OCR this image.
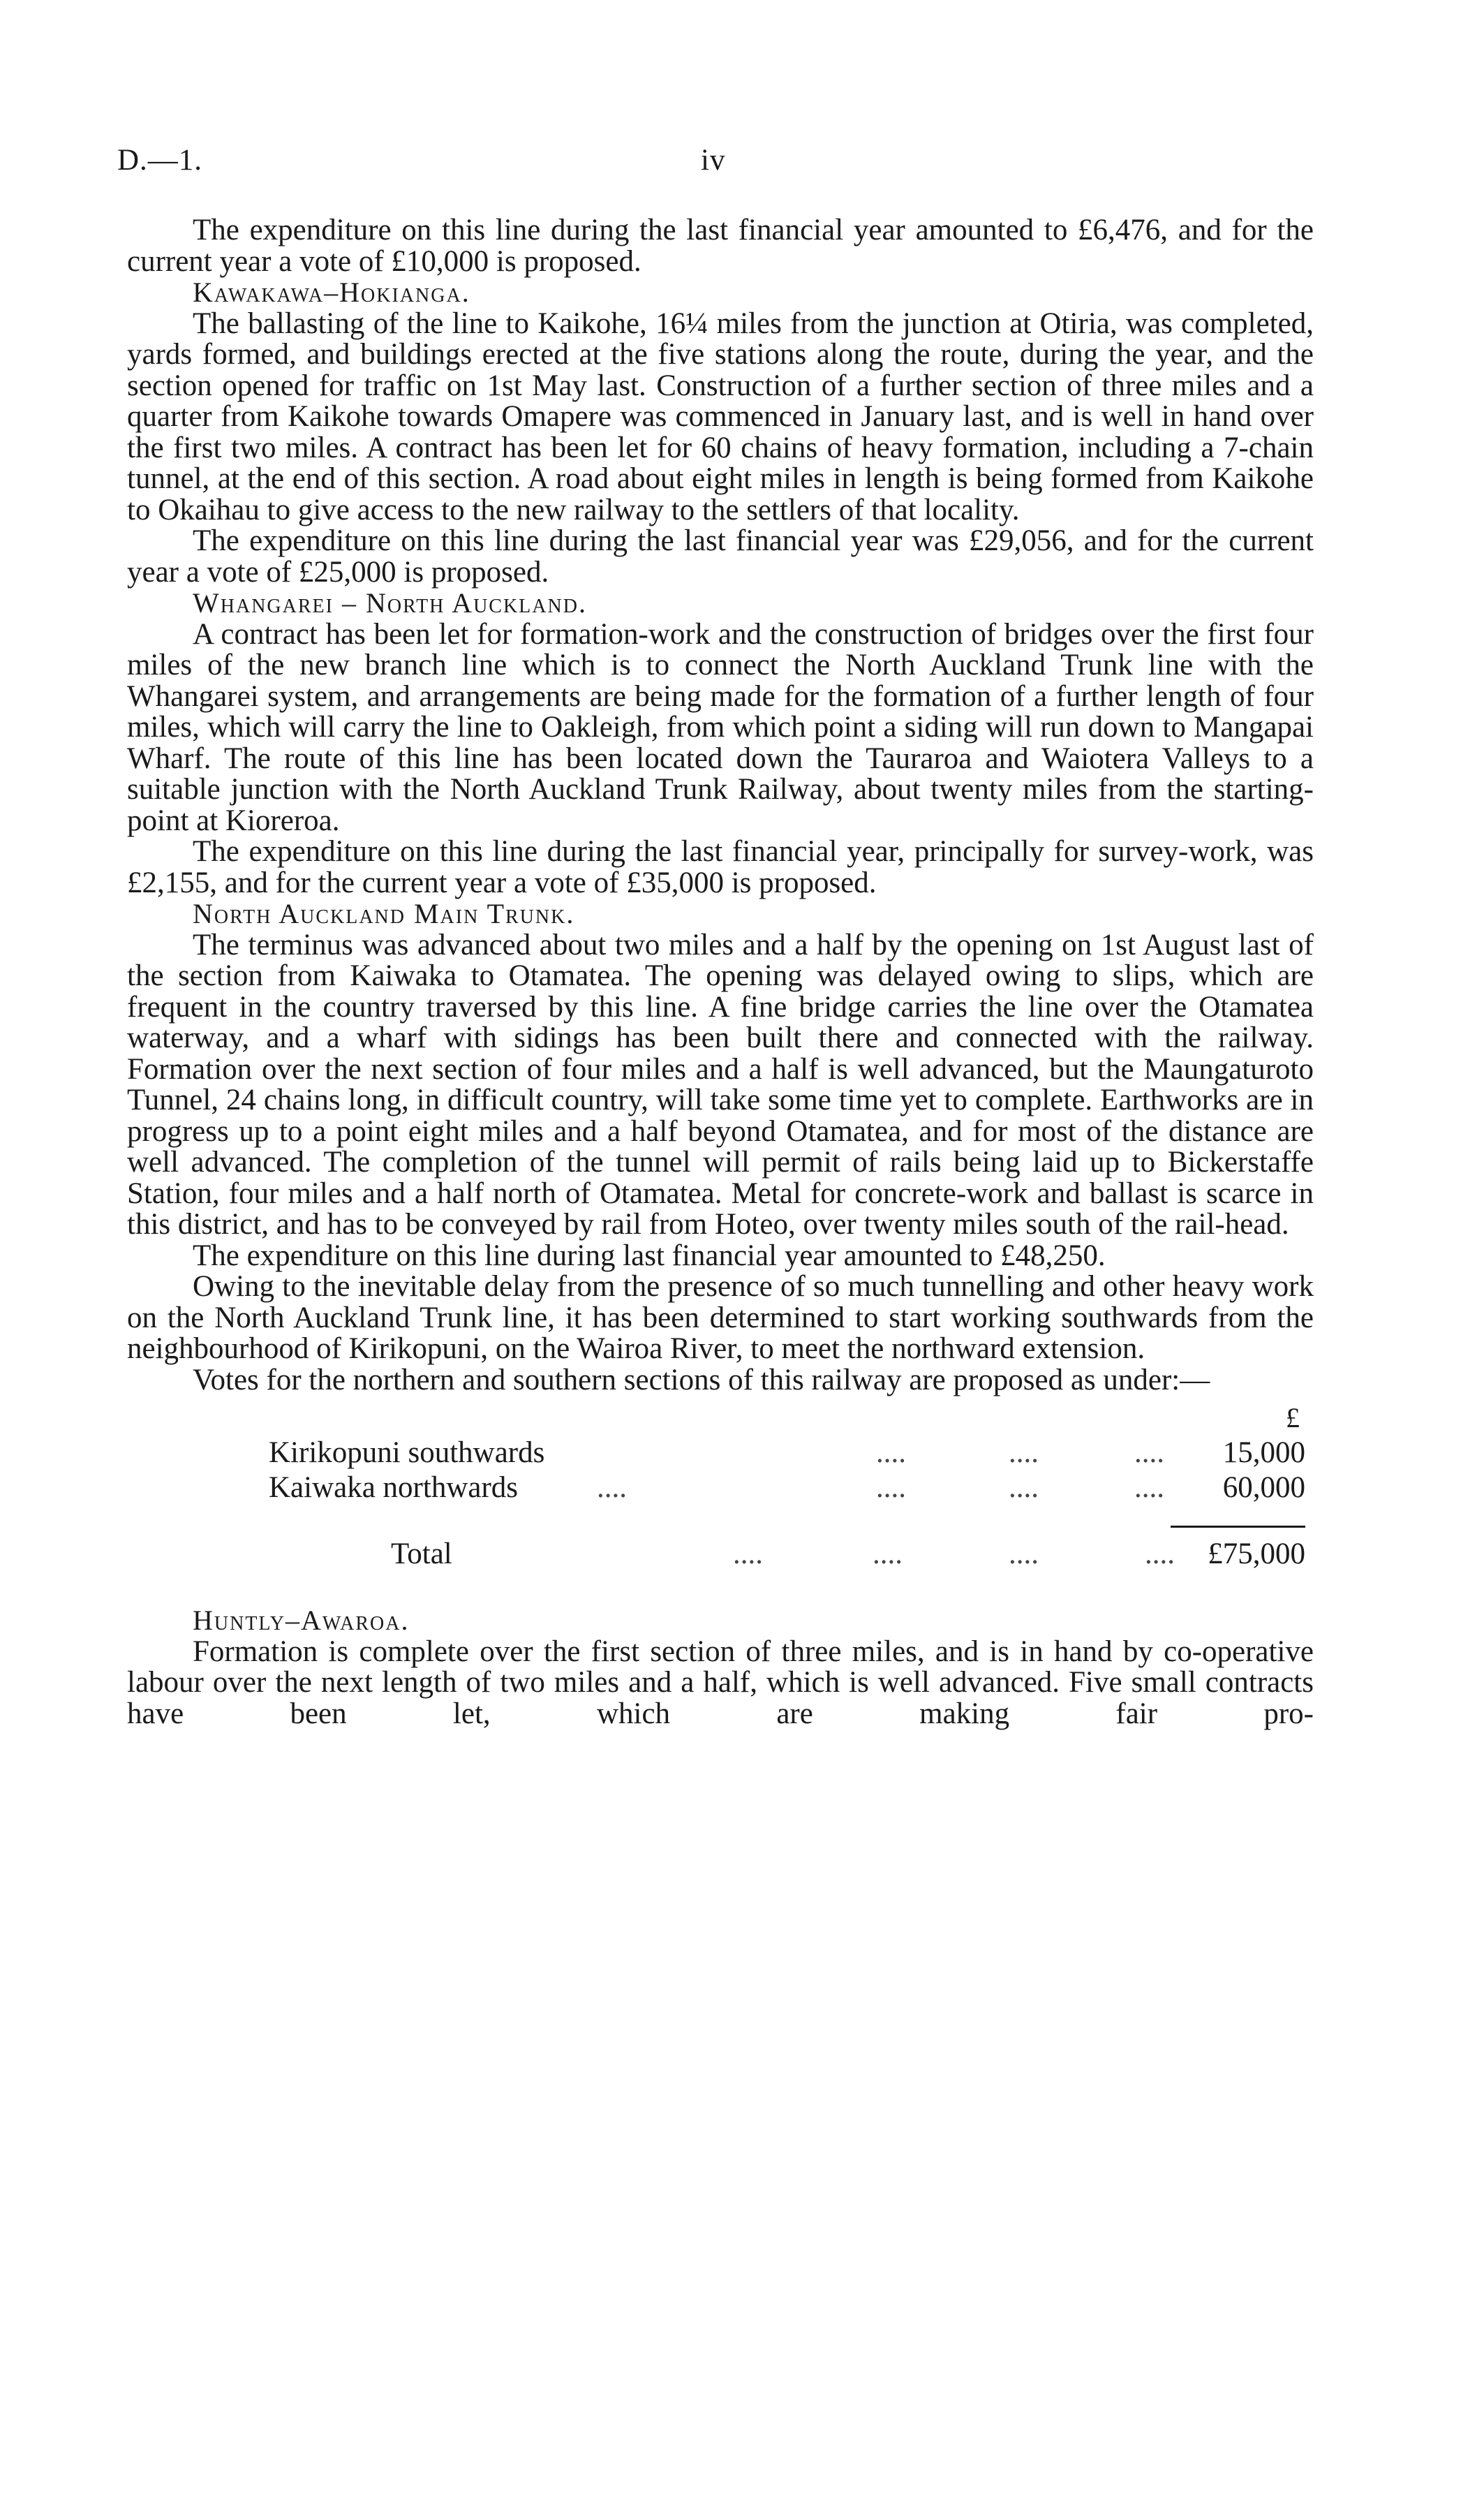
D.—1.	iv

The expenditure on this line during the last financial year amounted to £6,476, and for the current year a vote of £10,000 is proposed.

Kawakawa–Hokianga.

The ballasting of the line to Kaikohe, 16¼ miles from the junction at Otiria, was completed, yards formed, and buildings erected at the five stations along the route, during the year, and the section opened for traffic on 1st May last. Construction of a further section of three miles and a quarter from Kaikohe towards Omapere was commenced in January last, and is well in hand over the first two miles. A contract has been let for 60 chains of heavy formation, including a 7-chain tunnel, at the end of this section. A road about eight miles in length is being formed from Kaikohe to Okaihau to give access to the new railway to the settlers of that locality.

The expenditure on this line during the last financial year was £29,056, and for the current year a vote of £25,000 is proposed.

Whangarei – North Auckland.

A contract has been let for formation-work and the construction of bridges over the first four miles of the new branch line which is to connect the North Auckland Trunk line with the Whangarei system, and arrangements are being made for the formation of a further length of four miles, which will carry the line to Oakleigh, from which point a siding will run down to Mangapai Wharf. The route of this line has been located down the Tauraroa and Waiotera Valleys to a suitable junction with the North Auckland Trunk Railway, about twenty miles from the starting-point at Kioreroa.

The expenditure on this line during the last financial year, principally for survey-work, was £2,155, and for the current year a vote of £35,000 is proposed.

North Auckland Main Trunk.

The terminus was advanced about two miles and a half by the opening on 1st August last of the section from Kaiwaka to Otamatea. The opening was delayed owing to slips, which are frequent in the country traversed by this line. A fine bridge carries the line over the Otamatea waterway, and a wharf with sidings has been built there and connected with the railway. Formation over the next section of four miles and a half is well advanced, but the Maungaturoto Tunnel, 24 chains long, in difficult country, will take some time yet to complete. Earthworks are in progress up to a point eight miles and a half beyond Otamatea, and for most of the distance are well advanced. The completion of the tunnel will permit of rails being laid up to Bickerstaffe Station, four miles and a half north of Otamatea. Metal for concrete-work and ballast is scarce in this district, and has to be conveyed by rail from Hoteo, over twenty miles south of the rail-head.

The expenditure on this line during last financial year amounted to £48,250.

Owing to the inevitable delay from the presence of so much tunnelling and other heavy work on the North Auckland Trunk line, it has been determined to start working southwards from the neighbourhood of Kirikopuni, on the Wairoa River, to meet the northward extension.

Votes for the northern and southern sections of this railway are proposed as under:—

£
Kirikopuni southwards	....	....	....	15,000
Kaiwaka northwards	....	....	....	....	60,000
Total	....	....	....	....	£75,000

Huntly–Awaroa.

Formation is complete over the first section of three miles, and is in hand by co-operative labour over the next length of two miles and a half, which is well advanced. Five small contracts have been let, which are making fair pro-
